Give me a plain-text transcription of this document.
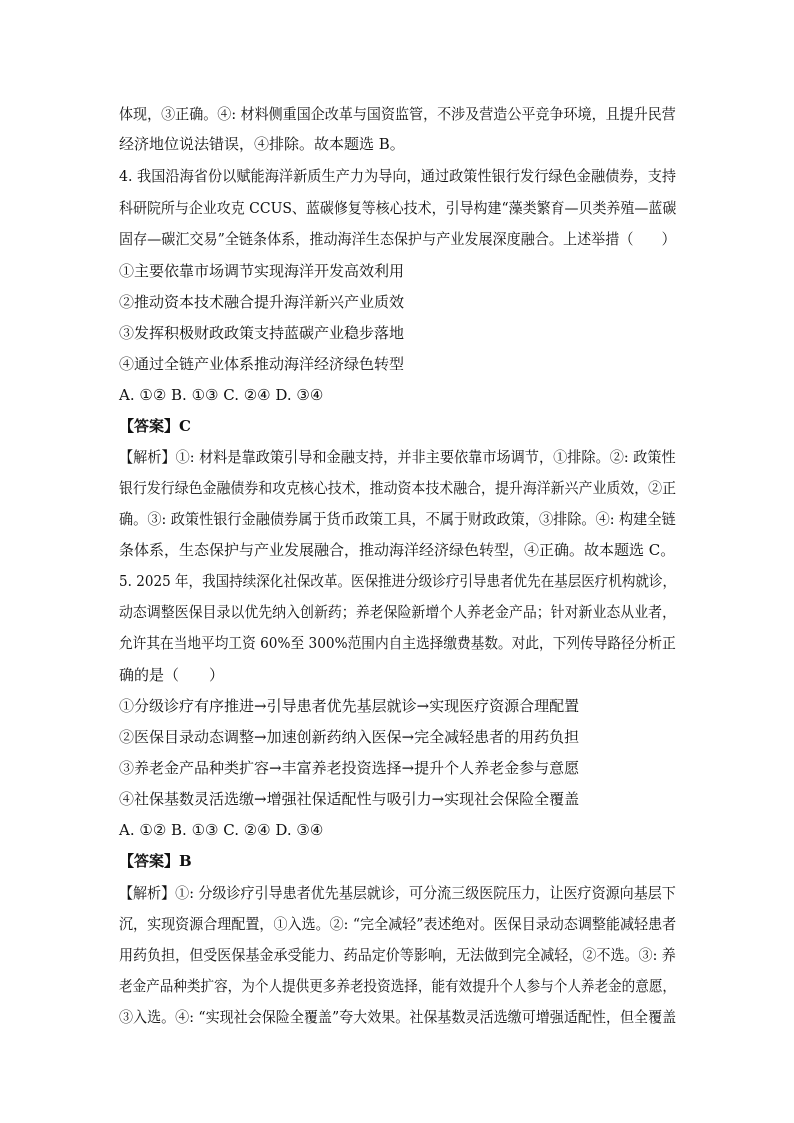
体现，③正确。④: 材料侧重国企改革与国资监管，不涉及营造公平竞争环境，且提升民营
经济地位说法错误，④排除。故本题选 B。
4. 我国沿海省份以赋能海洋新质生产力为导向，通过政策性银行发行绿色金融债券，支持
科研院所与企业攻克 CCUS、蓝碳修复等核心技术，引导构建“藻类繁育—贝类养殖—蓝碳
固存—碳汇交易”全链条体系，推动海洋生态保护与产业发展深度融合。上述举措（　　）
①主要依靠市场调节实现海洋开发高效利用
②推动资本技术融合提升海洋新兴产业质效
③发挥积极财政政策支持蓝碳产业稳步落地
④通过全链产业体系推动海洋经济绿色转型
A. ①② B. ①③ C. ②④ D. ③④
【答案】C
【解析】①: 材料是靠政策引导和金融支持，并非主要依靠市场调节，①排除。②: 政策性
银行发行绿色金融债券和攻克核心技术，推动资本技术融合，提升海洋新兴产业质效，②正
确。③: 政策性银行金融债券属于货币政策工具，不属于财政政策，③排除。④: 构建全链
条体系，生态保护与产业发展融合，推动海洋经济绿色转型，④正确。故本题选 C。
5. 2025 年，我国持续深化社保改革。医保推进分级诊疗引导患者优先在基层医疗机构就诊，
动态调整医保目录以优先纳入创新药；养老保险新增个人养老金产品；针对新业态从业者，
允许其在当地平均工资 60%至 300%范围内自主选择缴费基数。对此，下列传导路径分析正
确的是（　　）
①分级诊疗有序推进→引导患者优先基层就诊→实现医疗资源合理配置
②医保目录动态调整→加速创新药纳入医保→完全减轻患者的用药负担
③养老金产品种类扩容→丰富养老投资选择→提升个人养老金参与意愿
④社保基数灵活选缴→增强社保适配性与吸引力→实现社会保险全覆盖
A. ①② B. ①③ C. ②④ D. ③④
【答案】B
【解析】①: 分级诊疗引导患者优先基层就诊，可分流三级医院压力，让医疗资源向基层下
沉，实现资源合理配置，①入选。②: “完全减轻”表述绝对。医保目录动态调整能减轻患者
用药负担，但受医保基金承受能力、药品定价等影响，无法做到完全减轻，②不选。③: 养
老金产品种类扩容，为个人提供更多养老投资选择，能有效提升个人参与个人养老金的意愿，
③入选。④: “实现社会保险全覆盖”夸大效果。社保基数灵活选缴可增强适配性，但全覆盖
